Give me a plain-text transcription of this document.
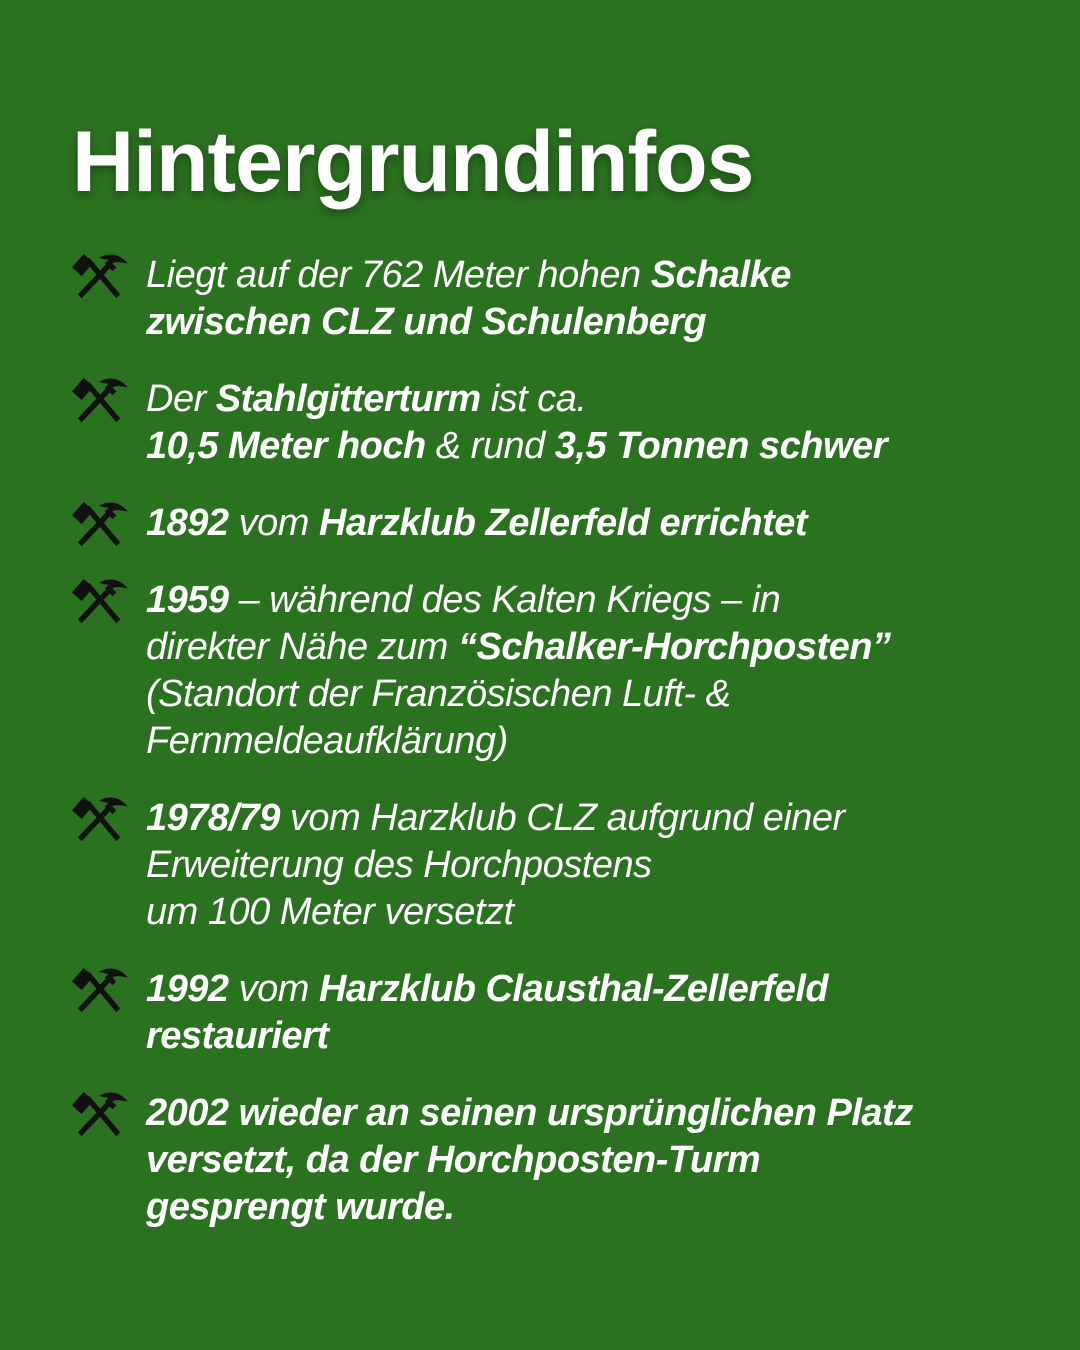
Hintergrundinfos
Liegt auf der 762 Meter hohen Schalke
zwischen CLZ und Schulenberg
Der Stahlgitterturm ist ca.
10,5 Meter hoch & rund 3,5 Tonnen schwer
1892 vom Harzklub Zellerfeld errichtet
1959 – während des Kalten Kriegs – in
direkter Nähe zum “Schalker-Horchposten”
(Standort der Französischen Luft- &
Fernmeldeaufklärung)
1978/79 vom Harzklub CLZ aufgrund einer
Erweiterung des Horchpostens
um 100 Meter versetzt
1992 vom Harzklub Clausthal-Zellerfeld
restauriert
2002 wieder an seinen ursprünglichen Platz
versetzt, da der Horchposten-Turm
gesprengt wurde.
